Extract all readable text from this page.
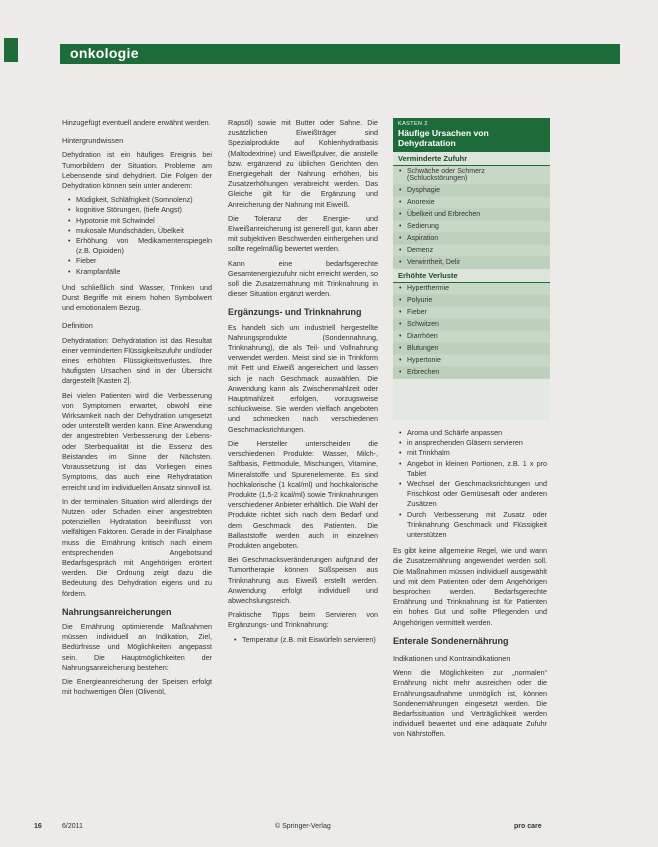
onkologie

Hinzugefügt eventuell andere erwähnt werden.

Hintergrundwissen

Dehydration ist ein häufiges Ereignis bei Tumorbildern der Situation. Probleme am Lebensende sind dehydriert. Die Folgen der Dehydration können sein unter anderem:

• Müdigkeit, Schläfrigkeit (Somnolenz)
• kognitive Störungen, (tiefe Angst)
• Hypotonie mit Schwindel
• mukosale Mundschäden, Übelkeit
• Erhöhung von Medikamentenspiegeln (z.B. Opioiden)
• Fieber
• Krampfanfälle

Und schließlich sind Wasser, Trinken und Durst Begriffe mit einem hohen Symbolwert und emotionalem Bezug.

Definition

Dehydratation: Dehydratation ist das Resultat einer verminderten Flüssigkeitszufuhr und/oder eines erhöhten Flüssigkeitsverlustes. Ihre häufigsten Ursachen sind in der Übersicht dargestellt [Kasten 2].

Bei vielen Patienten wird die Verbesserung von Symptomen erwartet, obwohl eine Wirksamkeit nach der Dehydration umgesetzt oder unterstellt werden kann. Eine Anwendung der angestrebten Verbesserung der Lebens- oder Sterbequalität ist die Essenz des Beistandes im Sinne der Nächsten. Voraussetzung ist das Vorliegen eines Symptoms, das auch eine Rehydratation erreicht und im individuellen Ansatz sinnvoll ist.

In der terminalen Situation wird allerdings der Nutzen oder Schaden einer angestrebten potenziellen Hydratation beeinflusst von vielfältigen Faktoren. Gerade in der Finalphase muss die Ernährung kritisch nach einem entsprechenden Angebotsund Bedarfsgespräch mit Angehörigen erörtert werden. Die Ordnung zeigt dazu die Bedeutung des Dehydration eigens und zu fördern.

Nahrungsanreicherungen

Die Ernährung optimierende Maßnahmen müssen individuell an Indikation, Ziel, Bedürfnisse und Möglichkeiten angepasst sein. Die Hauptmöglichkeiten der Nahrungsanreicherung bestehen:

Die Energieanreicherung der Speisen erfolgt mit hochwertigen Ölen (Olivenöl,

Rapsöl) sowie mit Butter oder Sahne. Die zusätzlichen Eiweißträger sind Spezialprodukte auf Kohlenhydratbasis (Maltodextrine) und Eiweißpulver, die anstelle bzw. ergänzend zu üblichen Gerichten den Energiegehalt der Nahrung erhöhen, bis Zusatzerhöhungen verabreicht werden. Das Gleiche gilt für die Ergänzung und Anreicherung der Nahrung mit Eiweiß.

Die Toleranz der Energie- und Eiweißanreicherung ist generell gut, kann aber mit subjektiven Beschwerden einhergehen und sollte regelmäßig bewertet werden.

Kann eine bedarfsgerechte Gesamtenergiezufuhr nicht erreicht werden, so soll die Zusatzernährung mit Trinknahrung in dieser Situation ergänzt werden.

Ergänzungs- und Trinknahrung

Es handelt sich um industriell hergestellte Nahrungsprodukte (Sondennahrung, Trinknahrung), die als Teil- und Vollnahrung verwendet werden. Meist sind sie in Trinkform mit Fett und Eiweiß angereichert und lassen sich je nach Geschmack auswählen. Die Anwendung kann als Zwischenmahlzeit oder Hauptmahlzeit erfolgen, vorzugsweise schluckweise. Sie werden vielfach angeboten und schmecken nach verschiedenen Geschmacksrichtungen.

Die Hersteller unterscheiden die verschiedenen Produkte: Wasser, Milch-, Saftbasis, Fettmodule, Mischungen, Vitamine, Mineralstoffe und Spurenelemente. Es sind hochkalorische (1 kcal/ml) und hochkalorische Produkte (1,5-2 kcal/ml) sowie Trinknahrungen verschiedener Anbieter erhältlich. Die Wahl der Produkte richtet sich nach dem Bedarf und dem Geschmack des Patienten. Die Ballaststoffe werden auch in einzelnen Produkten angeboten.

Bei Geschmacksveränderungen aufgrund der Tumortherapie können Süßspeisen aus Trinknahrung aus Eiweiß erstellt werden. Anwendung erfolgt individuell und abwechslungsreich.

Praktische Tipps beim Servieren von Ergänzungs- und Trinknahrung:

• Temperatur (z.B. mit Eiswürfeln servieren)
KASTEN 2
Häufige Ursachen von Dehydratation
Verminderte Zufuhr
• Schwäche oder Schmerz (Schluckstörungen)
• Dysphagie
• Anorexie
• Übelkeit und Erbrechen
• Sedierung
• Aspiration
• Demenz
• Verwirrtheit, Delir
Erhöhte Verluste
• Hyperthermie
• Polyurie
• Fieber
• Schwitzen
• Diarrhöen
• Blutungen
• Hypertonie
• Erbrechen
• Aroma und Schärfe anpassen
• in ansprechenden Gläsern servieren
• mit Trinkhalm
• Angebot in kleinen Portionen, z.B. 1 x pro Tablet
• Wechsel der Geschmacksrichtungen und Frischkost oder Gemüsesaft oder anderen Zusätzen
• Durch Verbesserung mit Zusatz oder Trinknahrung Geschmack und Flüssigkeit unterstützen

Es gibt keine allgemeine Regel, wie und wann die Zusatzernährung angewendet werden soll. Die Maßnahmen müssen individuell ausgewählt und mit dem Patienten oder dem Angehörigen besprochen werden. Bedarfsgerechte Ernährung und Trinknahrung ist für Patienten ein hohes Gut und sollte Pflegenden und Angehörigen vermittelt werden.

Enterale Sondenernährung
Indikationen und Kontraindikationen

Wenn die Möglichkeiten zur „normalen“ Ernährung nicht mehr ausreichen oder die Ernährungsaufnahme unmöglich ist, können Sondenernährungen eingesetzt werden. Die Bedarfssituation und Verträglichkeit werden individuell bewertet und eine adäquate Zufuhr von Nährstoffen.

16	6/2011	© Springer-Verlag	pro care
